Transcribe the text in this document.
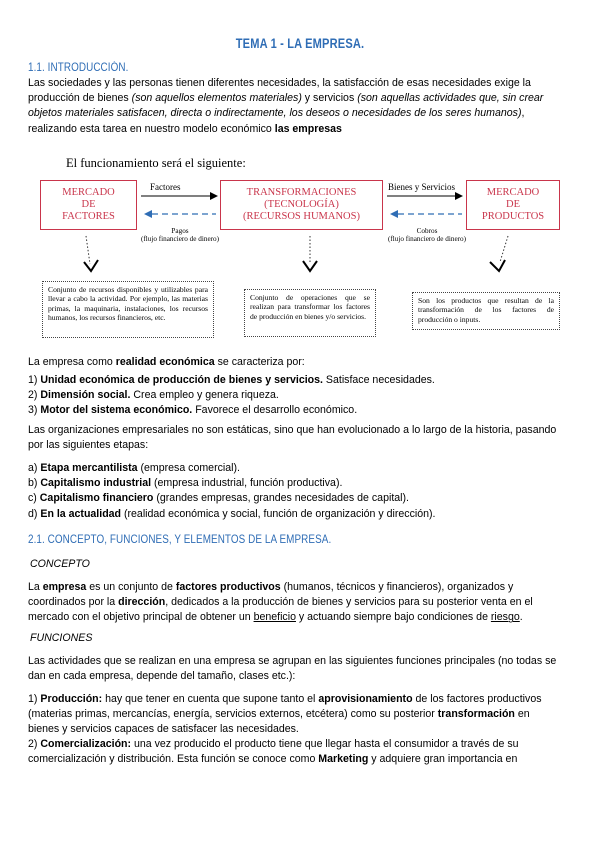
TEMA 1 - LA EMPRESA.
1.1. INTRODUCCIÓN.
Las sociedades y las personas tienen diferentes necesidades, la satisfacción de esas necesidades exige la producción de bienes (son aquellos elementos materiales) y servicios (son aquellas actividades que, sin crear objetos materiales satisfacen, directa o indirectamente, los deseos o necesidades de los seres humanos), realizando esta tarea en nuestro modelo económico las empresas
El funcionamiento será el siguiente:
MERCADO
DE
FACTORES
TRANSFORMACIONES
(TECNOLOGÍA)
(RECURSOS HUMANOS)
MERCADO
DE
PRODUCTOS
Factores	Bienes y Servicios
Pagos
(flujo financiero de dinero)
Cobros
(flujo financiero de dinero)
Conjunto de recursos disponibles y utilizables para llevar a cabo la actividad. Por ejemplo, las materias primas, la maquinaria, instalaciones, los recursos humanos, los recursos financieros, etc.
Conjunto de operaciones que se realizan para transformar los factores de producción en bienes y/o servicios.
Son los productos que resultan de la transformación de los factores de producción o inputs.
La empresa como realidad económica se caracteriza por:
1) Unidad económica de producción de bienes y servicios. Satisface necesidades.
2) Dimensión social. Crea empleo y genera riqueza.
3) Motor del sistema económico. Favorece el desarrollo económico.
Las organizaciones empresariales no son estáticas, sino que han evolucionado a lo largo de la historia, pasando por las siguientes etapas:
a) Etapa mercantilista (empresa comercial).
b) Capitalismo industrial (empresa industrial, función productiva).
c) Capitalismo financiero (grandes empresas, grandes necesidades de capital).
d) En la actualidad (realidad económica y social, función de organización y dirección).
2.1. CONCEPTO, FUNCIONES, Y ELEMENTOS DE LA EMPRESA.
CONCEPTO
La empresa es un conjunto de factores productivos (humanos, técnicos y financieros), organizados y coordinados por la dirección, dedicados a la producción de bienes y servicios para su posterior venta en el mercado con el objetivo principal de obtener un beneficio y actuando siempre bajo condiciones de riesgo.
FUNCIONES
Las actividades que se realizan en una empresa se agrupan en las siguientes funciones principales (no todas se dan en cada empresa, depende del tamaño, clases etc.):
1) Producción: hay que tener en cuenta que supone tanto el aprovisionamiento de los factores productivos (materias primas, mercancías, energía, servicios externos, etcétera) como su posterior transformación en bienes y servicios capaces de satisfacer las necesidades.
2) Comercialización: una vez producido el producto tiene que llegar hasta el consumidor a través de su comercialización y distribución. Esta función se conoce como Marketing y adquiere gran importancia en
